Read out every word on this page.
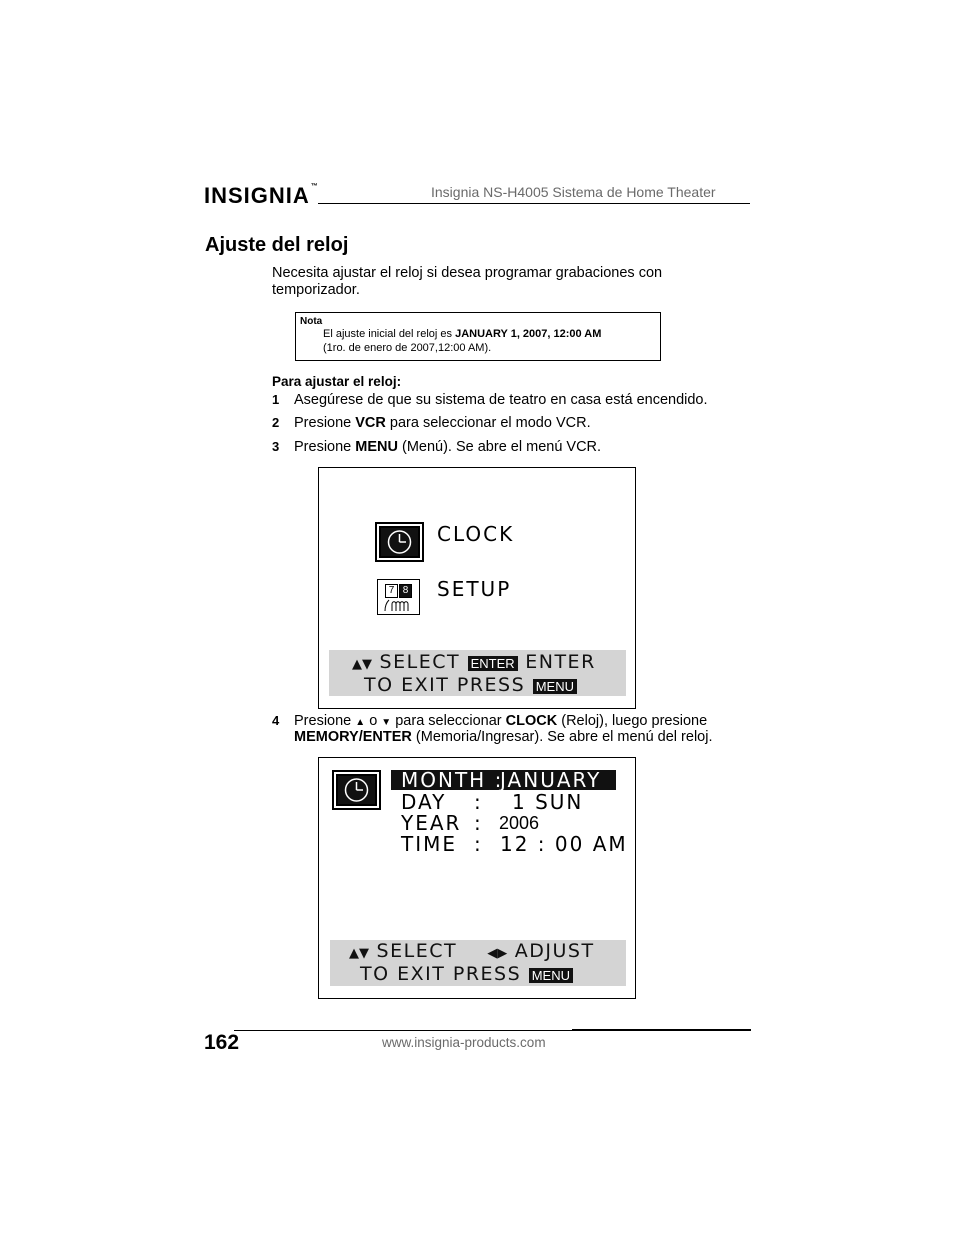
INSIGNIA™	Insignia NS-H4005 Sistema de Home Theater
Ajuste del reloj
Necesita ajustar el reloj si desea programar grabaciones con temporizador.
Nota
El ajuste inicial del reloj es JANUARY 1, 2007, 12:00 AM
(1ro. de enero de 2007,12:00 AM).
Para ajustar el reloj:
1 Asegúrese de que su sistema de teatro en casa está encendido.
2 Presione VCR para seleccionar el modo VCR.
3 Presione MENU (Menú). Se abre el menú VCR.
CLOCK
7 8 SETUP
▲▼ SELECT ENTER ENTER
TO EXIT PRESS MENU
4 Presione ▲ o ▼ para seleccionar CLOCK (Reloj), luego presione
MEMORY/ENTER (Memoria/Ingresar). Se abre el menú del reloj.
MONTH :
JANUARY
DAY : 1 SUN
YEAR : 2006
TIME : 12 : 00 AM
▲▼ SELECT ◀▶ ADJUST
TO EXIT PRESS MENU
162	www.insignia-products.com
